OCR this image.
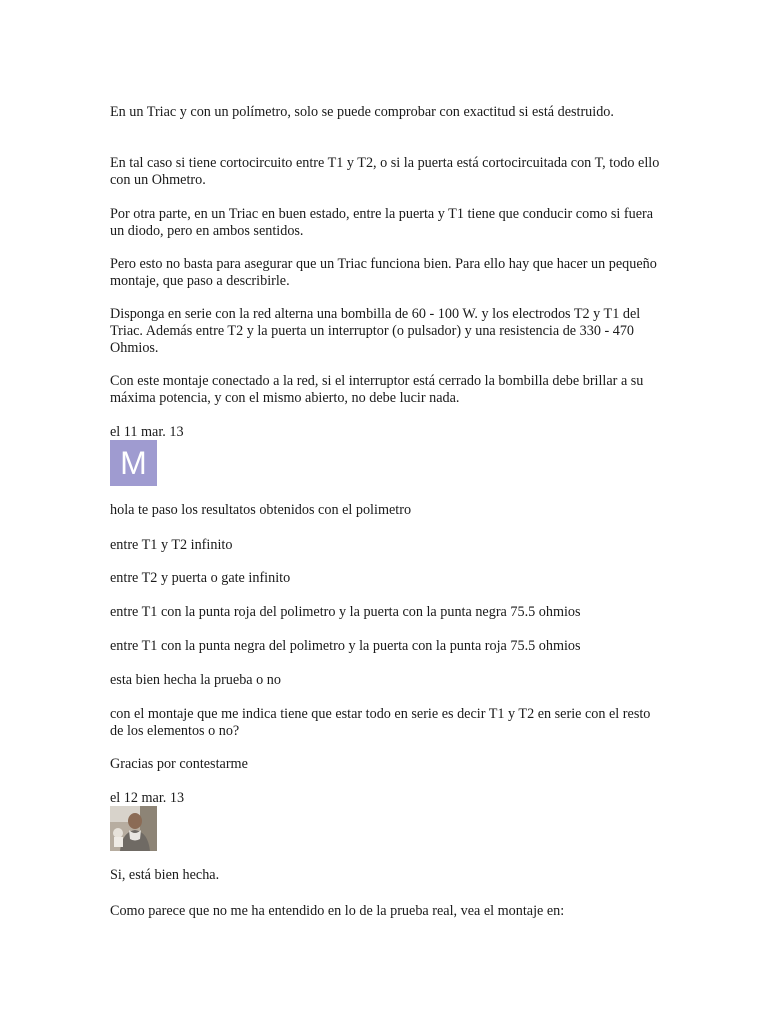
En un Triac y con un polímetro, solo se puede comprobar con exactitud si está destruido.

En tal caso si tiene cortocircuito entre T1 y T2, o si la puerta está cortocircuitada con T, todo ello con un Ohmetro.

Por otra parte, en un Triac en buen estado, entre la puerta y T1 tiene que conducir como si fuera un diodo, pero en ambos sentidos.

Pero esto no basta para asegurar que un Triac funciona bien. Para ello hay que hacer un pequeño montaje, que paso a describirle.

Disponga en serie con la red alterna una bombilla de 60 - 100 W. y los electrodos T2 y T1 del Triac. Además entre T2 y la puerta un interruptor (o pulsador) y una resistencia de 330 - 470 Ohmios.

Con este montaje conectado a la red, si el interruptor está cerrado la bombilla debe brillar a su máxima potencia, y con el mismo abierto, no debe lucir nada.

el 11 mar. 13

M

hola te paso los resultatos obtenidos con el polimetro

entre T1 y T2 infinito

entre T2 y puerta o gate infinito

entre T1 con la punta roja del polimetro y la puerta con la punta negra 75.5 ohmios

entre T1 con la punta negra del polimetro y la puerta con la punta roja 75.5 ohmios

esta bien hecha la prueba o no

con el montaje que me indica tiene que estar todo en serie es decir T1 y T2 en serie con el resto de los elementos o no?

Gracias por contestarme

el 12 mar. 13

Si, está bien hecha.

Como parece que no me ha entendido en lo de la prueba real, vea el montaje en:
